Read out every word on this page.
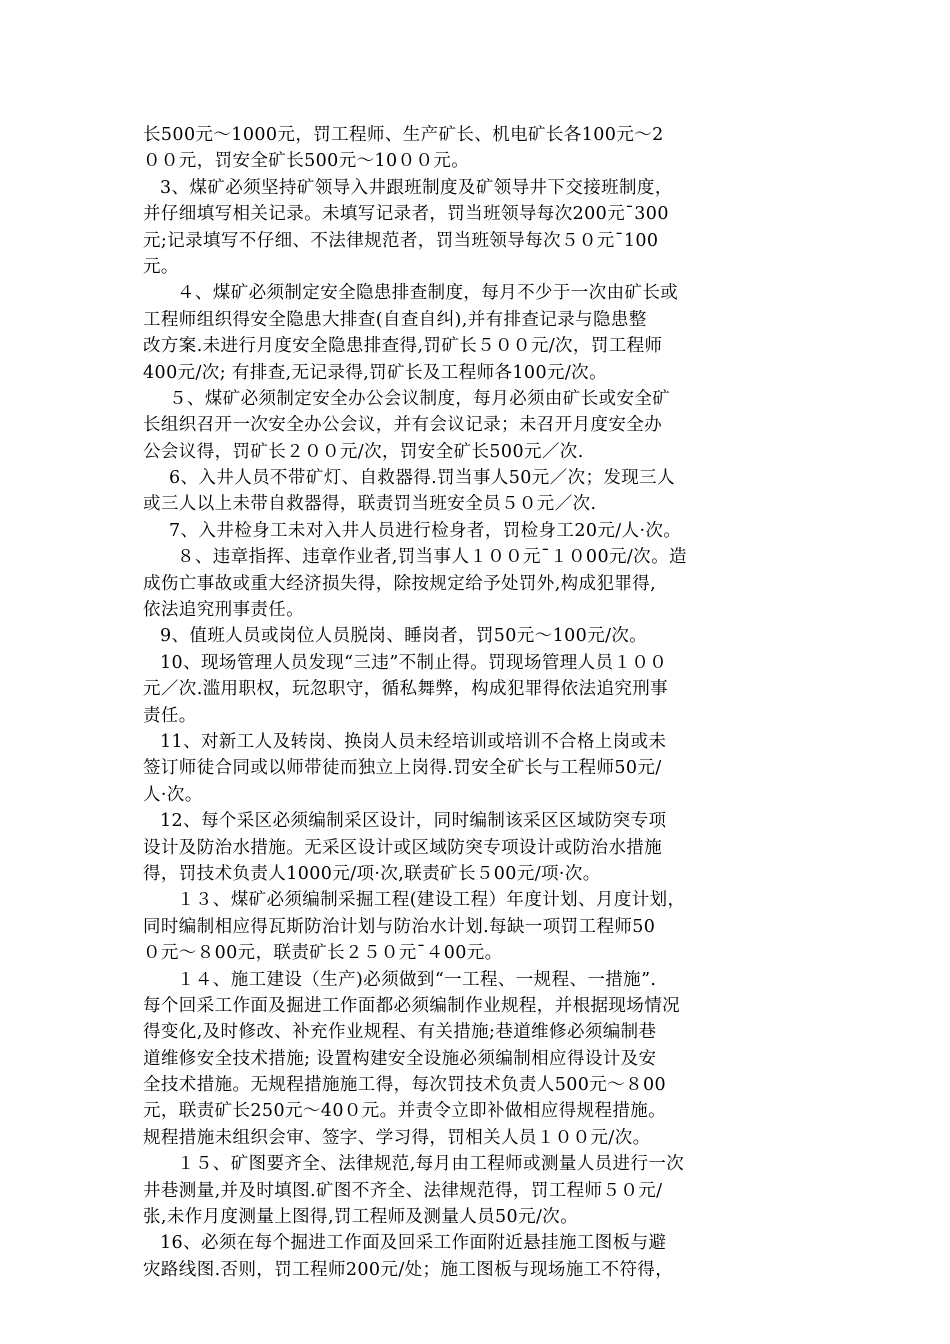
长500元～1000元，罚工程师、生产矿长、机电矿长各100元～2
００元，罚安全矿长500元～10００元。
3、煤矿必须坚持矿领导入井跟班制度及矿领导井下交接班制度，
并仔细填写相关记录。未填写记录者，罚当班领导每次200元¯300
元;记录填写不仔细、不法律规范者，罚当班领导每次５０元¯100
元。
４、煤矿必须制定安全隐患排查制度，每月不少于一次由矿长或
工程师组织得安全隐患大排查(自查自纠),并有排查记录与隐患整
改方案.未进行月度安全隐患排查得,罚矿长５００元/次，罚工程师
400元/次; 有排查,无记录得,罚矿长及工程师各100元/次。
５、煤矿必须制定安全办公会议制度，每月必须由矿长或安全矿
长组织召开一次安全办公会议，并有会议记录；未召开月度安全办
公会议得，罚矿长２００元/次，罚安全矿长500元／次.
6、入井人员不带矿灯、自救器得.罚当事人50元／次；发现三人
或三人以上未带自救器得，联责罚当班安全员５０元／次.
7、入井检身工未对入井人员进行检身者，罚检身工20元/人·次。
８、违章指挥、违章作业者,罚当事人１００元¯１０00元/次。造
成伤亡事故或重大经济损失得，除按规定给予处罚外,构成犯罪得,
依法追究刑事责任。
9、值班人员或岗位人员脱岗、睡岗者，罚50元～100元/次。
10、现场管理人员发现“三违”不制止得。罚现场管理人员１００
元／次.滥用职权，玩忽职守，循私舞弊，构成犯罪得依法追究刑事
责任。
11、对新工人及转岗、换岗人员未经培训或培训不合格上岗或未
签订师徒合同或以师带徒而独立上岗得.罚安全矿长与工程师50元/
人·次。
12、每个采区必须编制采区设计，同时编制该采区区域防突专项
设计及防治水措施。无采区设计或区域防突专项设计或防治水措施
得，罚技术负责人1000元/项·次,联责矿长５00元/项·次。
１３、煤矿必须编制采掘工程(建设工程）年度计划、月度计划，
同时编制相应得瓦斯防治计划与防治水计划.每缺一项罚工程师50
０元～８00元，联责矿长２５０元¯４00元。
１４、施工建设（生产)必须做到“一工程、一规程、一措施”.
每个回采工作面及掘进工作面都必须编制作业规程，并根据现场情况
得变化,及时修改、补充作业规程、有关措施;巷道维修必须编制巷
道维修安全技术措施; 设置构建安全设施必须编制相应得设计及安
全技术措施。无规程措施施工得，每次罚技术负责人500元～８00
元，联责矿长250元～40０元。并责令立即补做相应得规程措施。
规程措施未组织会审、签字、学习得，罚相关人员１００元/次。
１５、矿图要齐全、法律规范,每月由工程师或测量人员进行一次
井巷测量,并及时填图.矿图不齐全、法律规范得，罚工程师５０元/
张,未作月度测量上图得,罚工程师及测量人员50元/次。
16、必须在每个掘进工作面及回采工作面附近悬挂施工图板与避
灾路线图.否则，罚工程师200元/处；施工图板与现场施工不符得，
